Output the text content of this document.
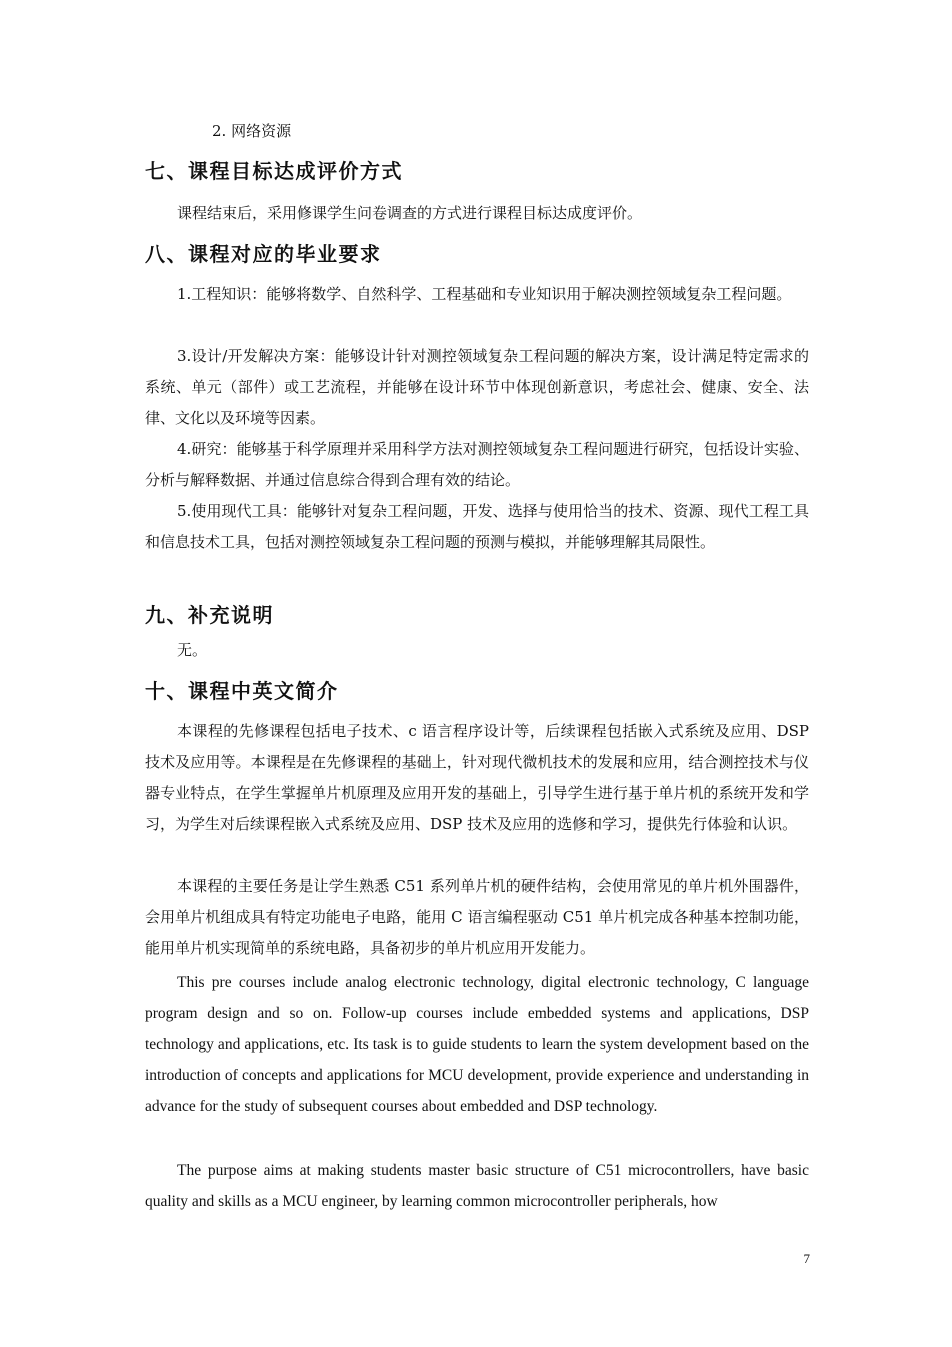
2. 网络资源
七、课程目标达成评价方式

课程结束后，采用修课学生问卷调查的方式进行课程目标达成度评价。

八、课程对应的毕业要求

1.工程知识：能够将数学、自然科学、工程基础和专业知识用于解决测控领域复杂工程问题。

3.设计/开发解决方案：能够设计针对测控领域复杂工程问题的解决方案，设计满足特定需求的系统、单元（部件）或工艺流程，并能够在设计环节中体现创新意识，考虑社会、健康、安全、法律、文化以及环境等因素。

4.研究：能够基于科学原理并采用科学方法对测控领域复杂工程问题进行研究，包括设计实验、分析与解释数据、并通过信息综合得到合理有效的结论。

5.使用现代工具：能够针对复杂工程问题，开发、选择与使用恰当的技术、资源、现代工程工具和信息技术工具，包括对测控领域复杂工程问题的预测与模拟，并能够理解其局限性。

九、补充说明

无。

十、课程中英文简介

本课程的先修课程包括电子技术、c 语言程序设计等，后续课程包括嵌入式系统及应用、DSP 技术及应用等。本课程是在先修课程的基础上，针对现代微机技术的发展和应用，结合测控技术与仪器专业特点，在学生掌握单片机原理及应用开发的基础上，引导学生进行基于单片机的系统开发和学习，为学生对后续课程嵌入式系统及应用、DSP 技术及应用的选修和学习，提供先行体验和认识。

本课程的主要任务是让学生熟悉 C51 系列单片机的硬件结构，会使用常见的单片机外围器件，会用单片机组成具有特定功能电子电路，能用 C 语言编程驱动 C51 单片机完成各种基本控制功能，能用单片机实现简单的系统电路，具备初步的单片机应用开发能力。

This pre courses include analog electronic technology, digital electronic technology, C language program design and so on. Follow-up courses include embedded systems and applications, DSP technology and applications, etc. Its task is to guide students to learn the system development based on the introduction of concepts and applications for MCU development, provide experience and understanding in advance for the study of subsequent courses about embedded and DSP technology.

The purpose aims at making students master basic structure of C51 microcontrollers, have basic quality and skills as a MCU engineer, by learning common microcontroller peripherals, how

7
